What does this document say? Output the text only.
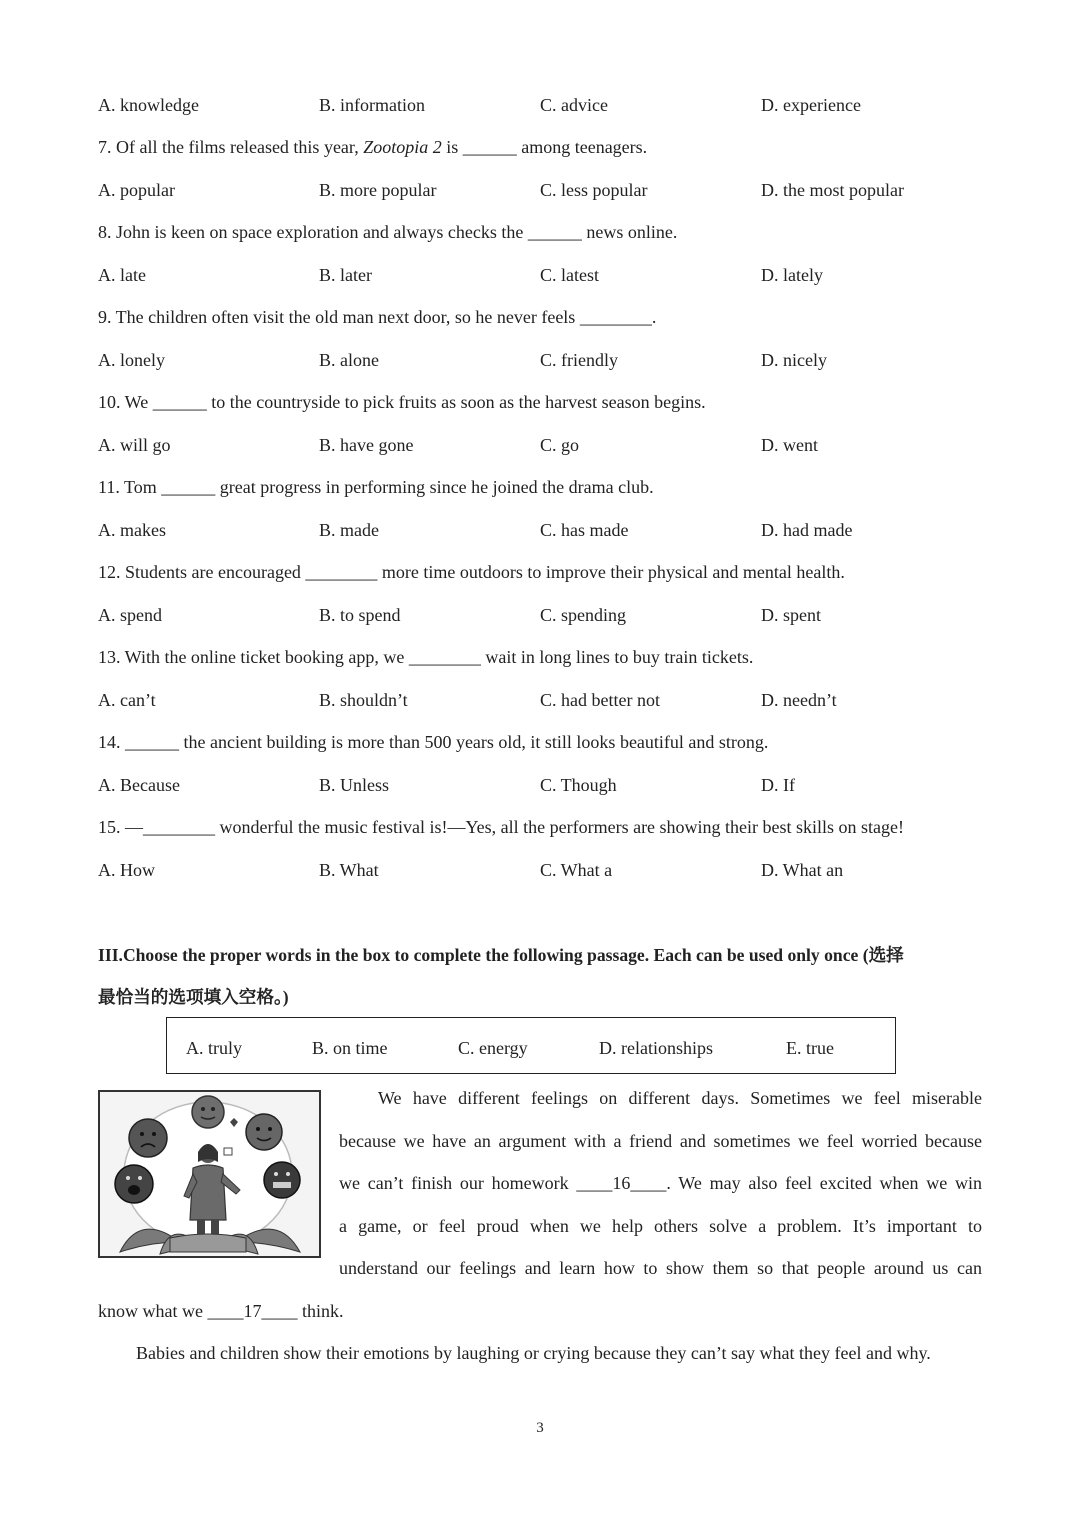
A. knowledge	B. information	C. advice	D. experience
7. Of all the films released this year, Zootopia 2 is ______ among teenagers.
A. popular	B. more popular	C. less popular	D. the most popular
8. John is keen on space exploration and always checks the ______ news online.
A. late	B. later	C. latest	D. lately
9. The children often visit the old man next door, so he never feels ________.
A. lonely	B. alone	C. friendly	D. nicely
10. We ______ to the countryside to pick fruits as soon as the harvest season begins.
A. will go	B. have gone	C. go	D. went
11. Tom ______ great progress in performing since he joined the drama club.
A. makes	B. made	C. has made	D. had made
12. Students are encouraged ________ more time outdoors to improve their physical and mental health.
A. spend	B. to spend	C. spending	D. spent
13. With the online ticket booking app, we ________ wait in long lines to buy train tickets.
A. can’t	B. shouldn’t	C. had better not	D. needn’t
14. ______ the ancient building is more than 500 years old, it still looks beautiful and strong.
A. Because	B. Unless	C. Though	D. If
15. —________ wonderful the music festival is!—Yes, all the performers are showing their best skills on stage!
A. How	B. What	C. What a	D. What an
III.Choose the proper words in the box to complete the following passage. Each can be used only once (选择
最恰当的选项填入空格。)
A. truly	B. on time	C. energy	D. relationships	E. true
We have different feelings on different days. Sometimes we feel miserable
because we have an argument with a friend and sometimes we feel worried because
we can’t finish our homework ____16____. We may also feel excited when we win
a game, or feel proud when we help others solve a problem. It’s important to
understand our feelings and learn how to show them so that people around us can
know what we ____17____ think.
Babies and children show their emotions by laughing or crying because they can’t say what they feel and why.
3
